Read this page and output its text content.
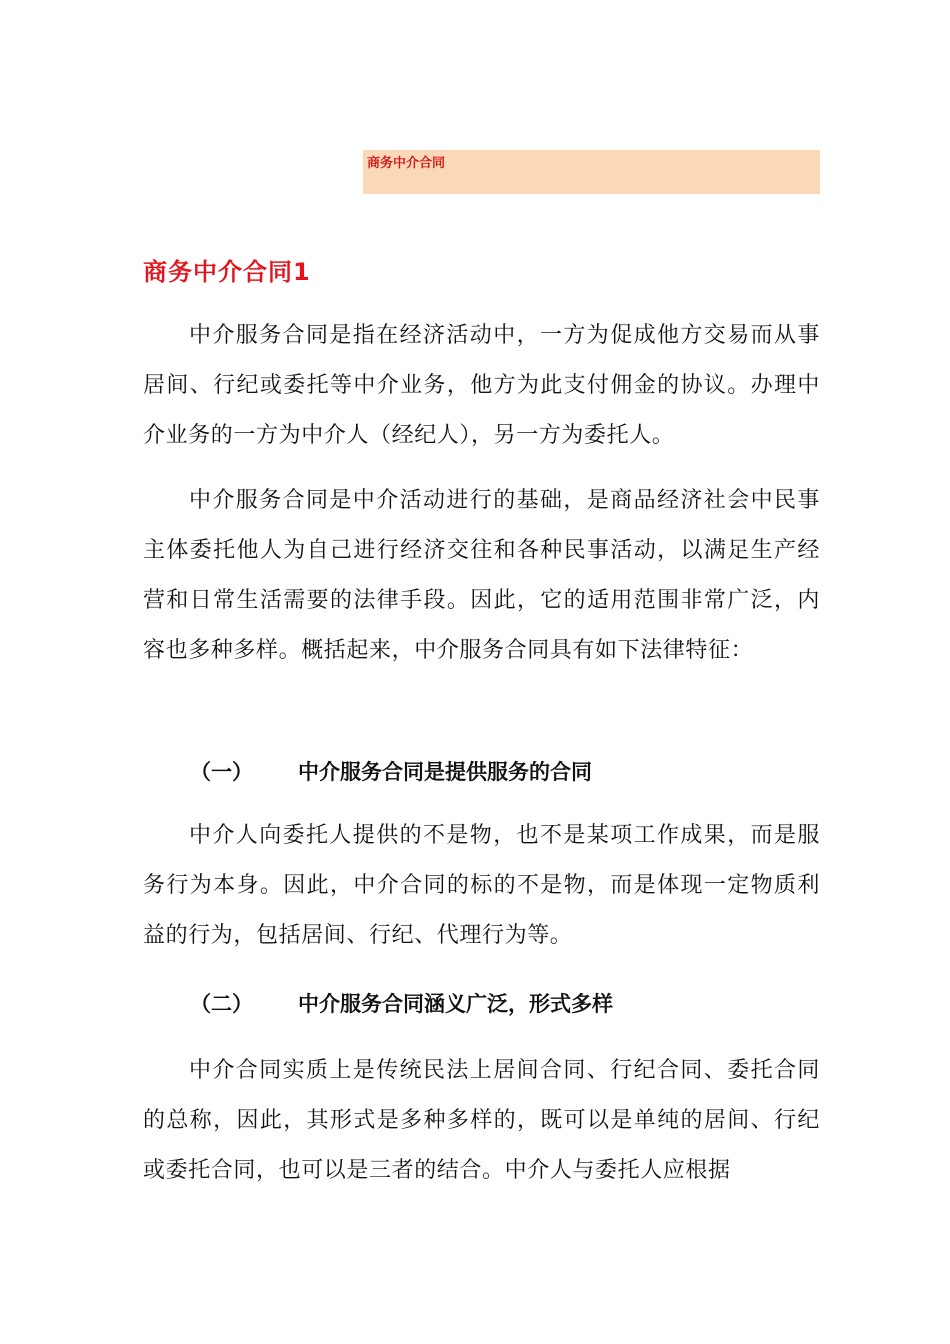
商务中介合同
商务中介合同1

中介服务合同是指在经济活动中，一方为促成他方交易而从事居间、行纪或委托等中介业务，他方为此支付佣金的协议。办理中介业务的一方为中介人（经纪人），另一方为委托人。

中介服务合同是中介活动进行的基础，是商品经济社会中民事主体委托他人为自己进行经济交往和各种民事活动，以满足生产经营和日常生活需要的法律手段。因此，它的适用范围非常广泛，内容也多种多样。概括起来，中介服务合同具有如下法律特征：

（一）	中介服务合同是提供服务的合同

中介人向委托人提供的不是物，也不是某项工作成果，而是服务行为本身。因此，中介合同的标的不是物，而是体现一定物质利益的行为，包括居间、行纪、代理行为等。

（二）	中介服务合同涵义广泛，形式多样

中介合同实质上是传统民法上居间合同、行纪合同、委托合同的总称，因此，其形式是多种多样的，既可以是单纯的居间、行纪或委托合同，也可以是三者的结合。中介人与委托人应根据
